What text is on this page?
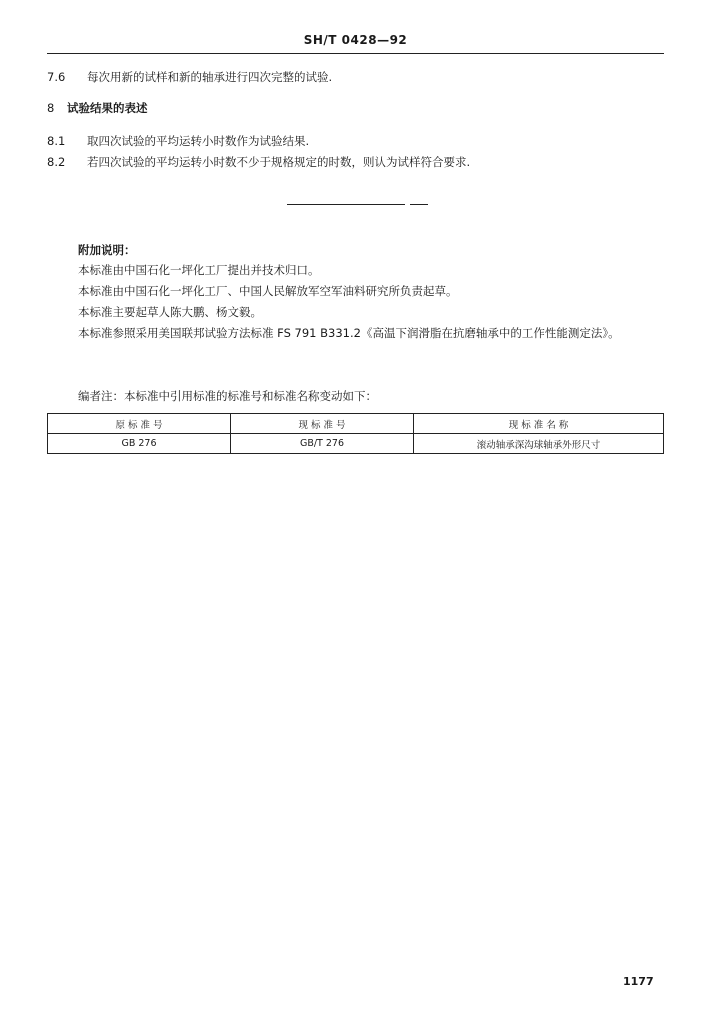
SH/T 0428—92
7.6 每次用新的试样和新的轴承进行四次完整的试验.
8 试验结果的表述
8.1 取四次试验的平均运转小时数作为试验结果.
8.2 若四次试验的平均运转小时数不少于规格规定的时数，则认为试样符合要求.
附加说明：
本标准由中国石化一坪化工厂提出并技术归口。
本标准由中国石化一坪化工厂、中国人民解放军空军油料研究所负责起草。
本标准主要起草人陈大鹏、杨文毅。
本标准参照采用美国联邦试验方法标准 FS 791 B331.2《高温下润滑脂在抗磨轴承中的工作性能测定法》。
编者注：本标准中引用标准的标准号和标准名称变动如下：
原 标 准 号	现 标 准 号	现 标 准 名 称
GB 276	GB/T 276	滚动轴承深沟球轴承外形尺寸
1177
